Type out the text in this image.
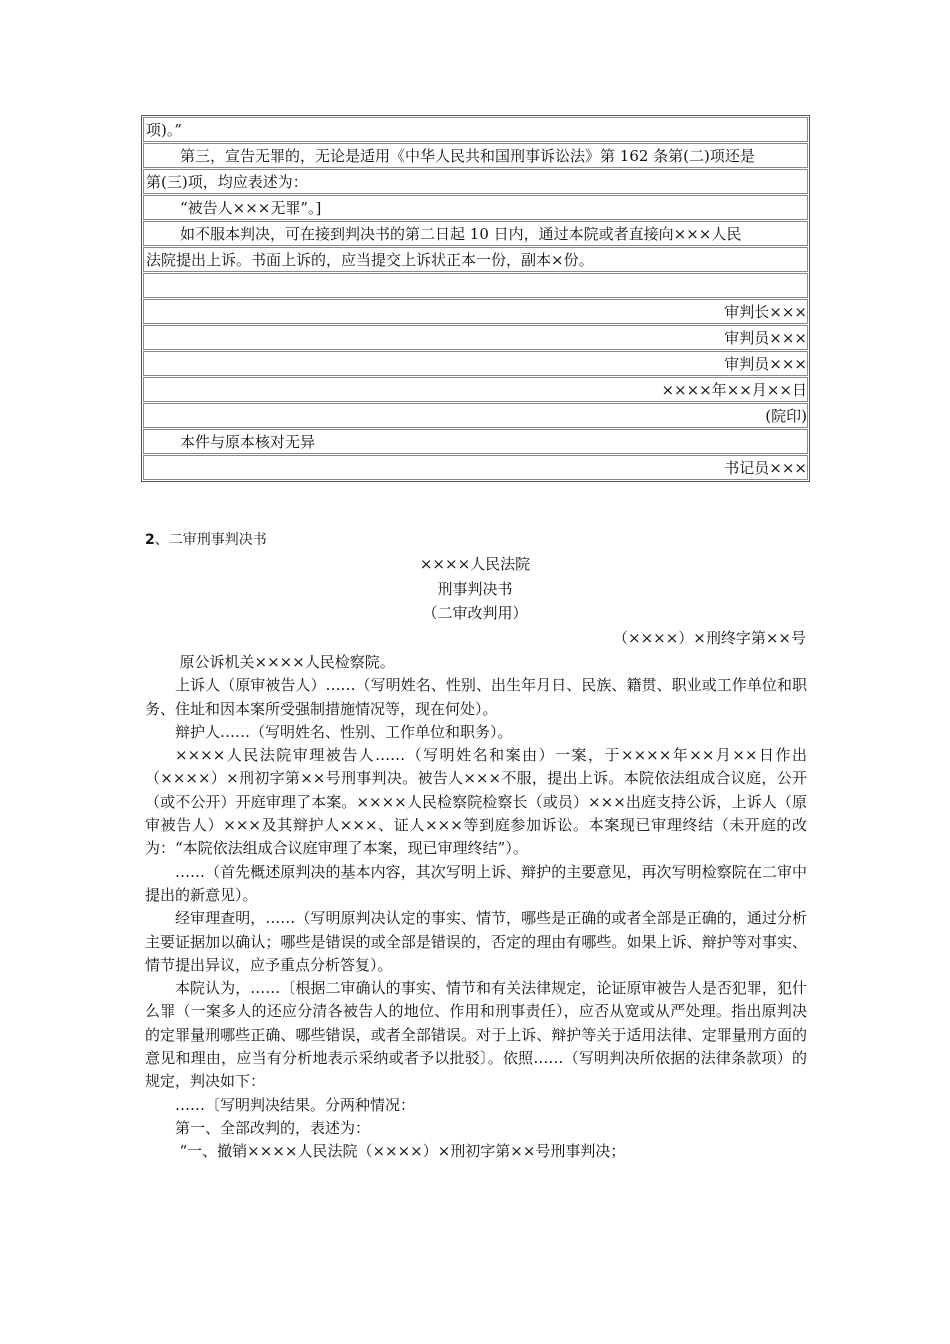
项)。”
第三，宣告无罪的，无论是适用《中华人民共和国刑事诉讼法》第 162 条第(二)项还是
第(三)项，均应表述为：
“被告人×××无罪”。]
如不服本判决，可在接到判决书的第二日起 10 日内，通过本院或者直接向×××人民
法院提出上诉。书面上诉的，应当提交上诉状正本一份，副本×份。
审判长×××
审判员×××
审判员×××
××××年××月××日
(院印)
本件与原本核对无异
书记员×××
2、二审刑事判决书
××××人民法院
刑事判决书
（二审改判用）
（××××）×刑终字第××号

原公诉机关××××人民检察院。

上诉人（原审被告人）……（写明姓名、性别、出生年月日、民族、籍贯、职业或工作单位和职务、住址和因本案所受强制措施情况等，现在何处）。

辩护人……（写明姓名、性别、工作单位和职务）。

××××人民法院审理被告人……（写明姓名和案由）一案，于××××年××月××日作出（××××）×刑初字第××号刑事判决。被告人×××不服，提出上诉。本院依法组成合议庭，公开（或不公开）开庭审理了本案。××××人民检察院检察长（或员）×××出庭支持公诉，上诉人（原审被告人）×××及其辩护人×××、证人×××等到庭参加诉讼。本案现已审理终结（未开庭的改为：“本院依法组成合议庭审理了本案，现已审理终结”）。

……（首先概述原判决的基本内容，其次写明上诉、辩护的主要意见，再次写明检察院在二审中提出的新意见）。

经审理查明，……（写明原判决认定的事实、情节，哪些是正确的或者全部是正确的，通过分析主要证据加以确认；哪些是错误的或全部是错误的，否定的理由有哪些。如果上诉、辩护等对事实、情节提出异议，应予重点分析答复）。

本院认为，……〔根据二审确认的事实、情节和有关法律规定，论证原审被告人是否犯罪，犯什么罪（一案多人的还应分清各被告人的地位、作用和刑事责任），应否从宽或从严处理。指出原判决的定罪量刑哪些正确、哪些错误，或者全部错误。对于上诉、辩护等关于适用法律、定罪量刑方面的意见和理由，应当有分析地表示采纳或者予以批驳〕。依照……（写明判决所依据的法律条款项）的规定，判决如下：

……〔写明判决结果。分两种情况：

第一、全部改判的，表述为：

“一、撤销××××人民法院（××××）×刑初字第××号刑事判决；
